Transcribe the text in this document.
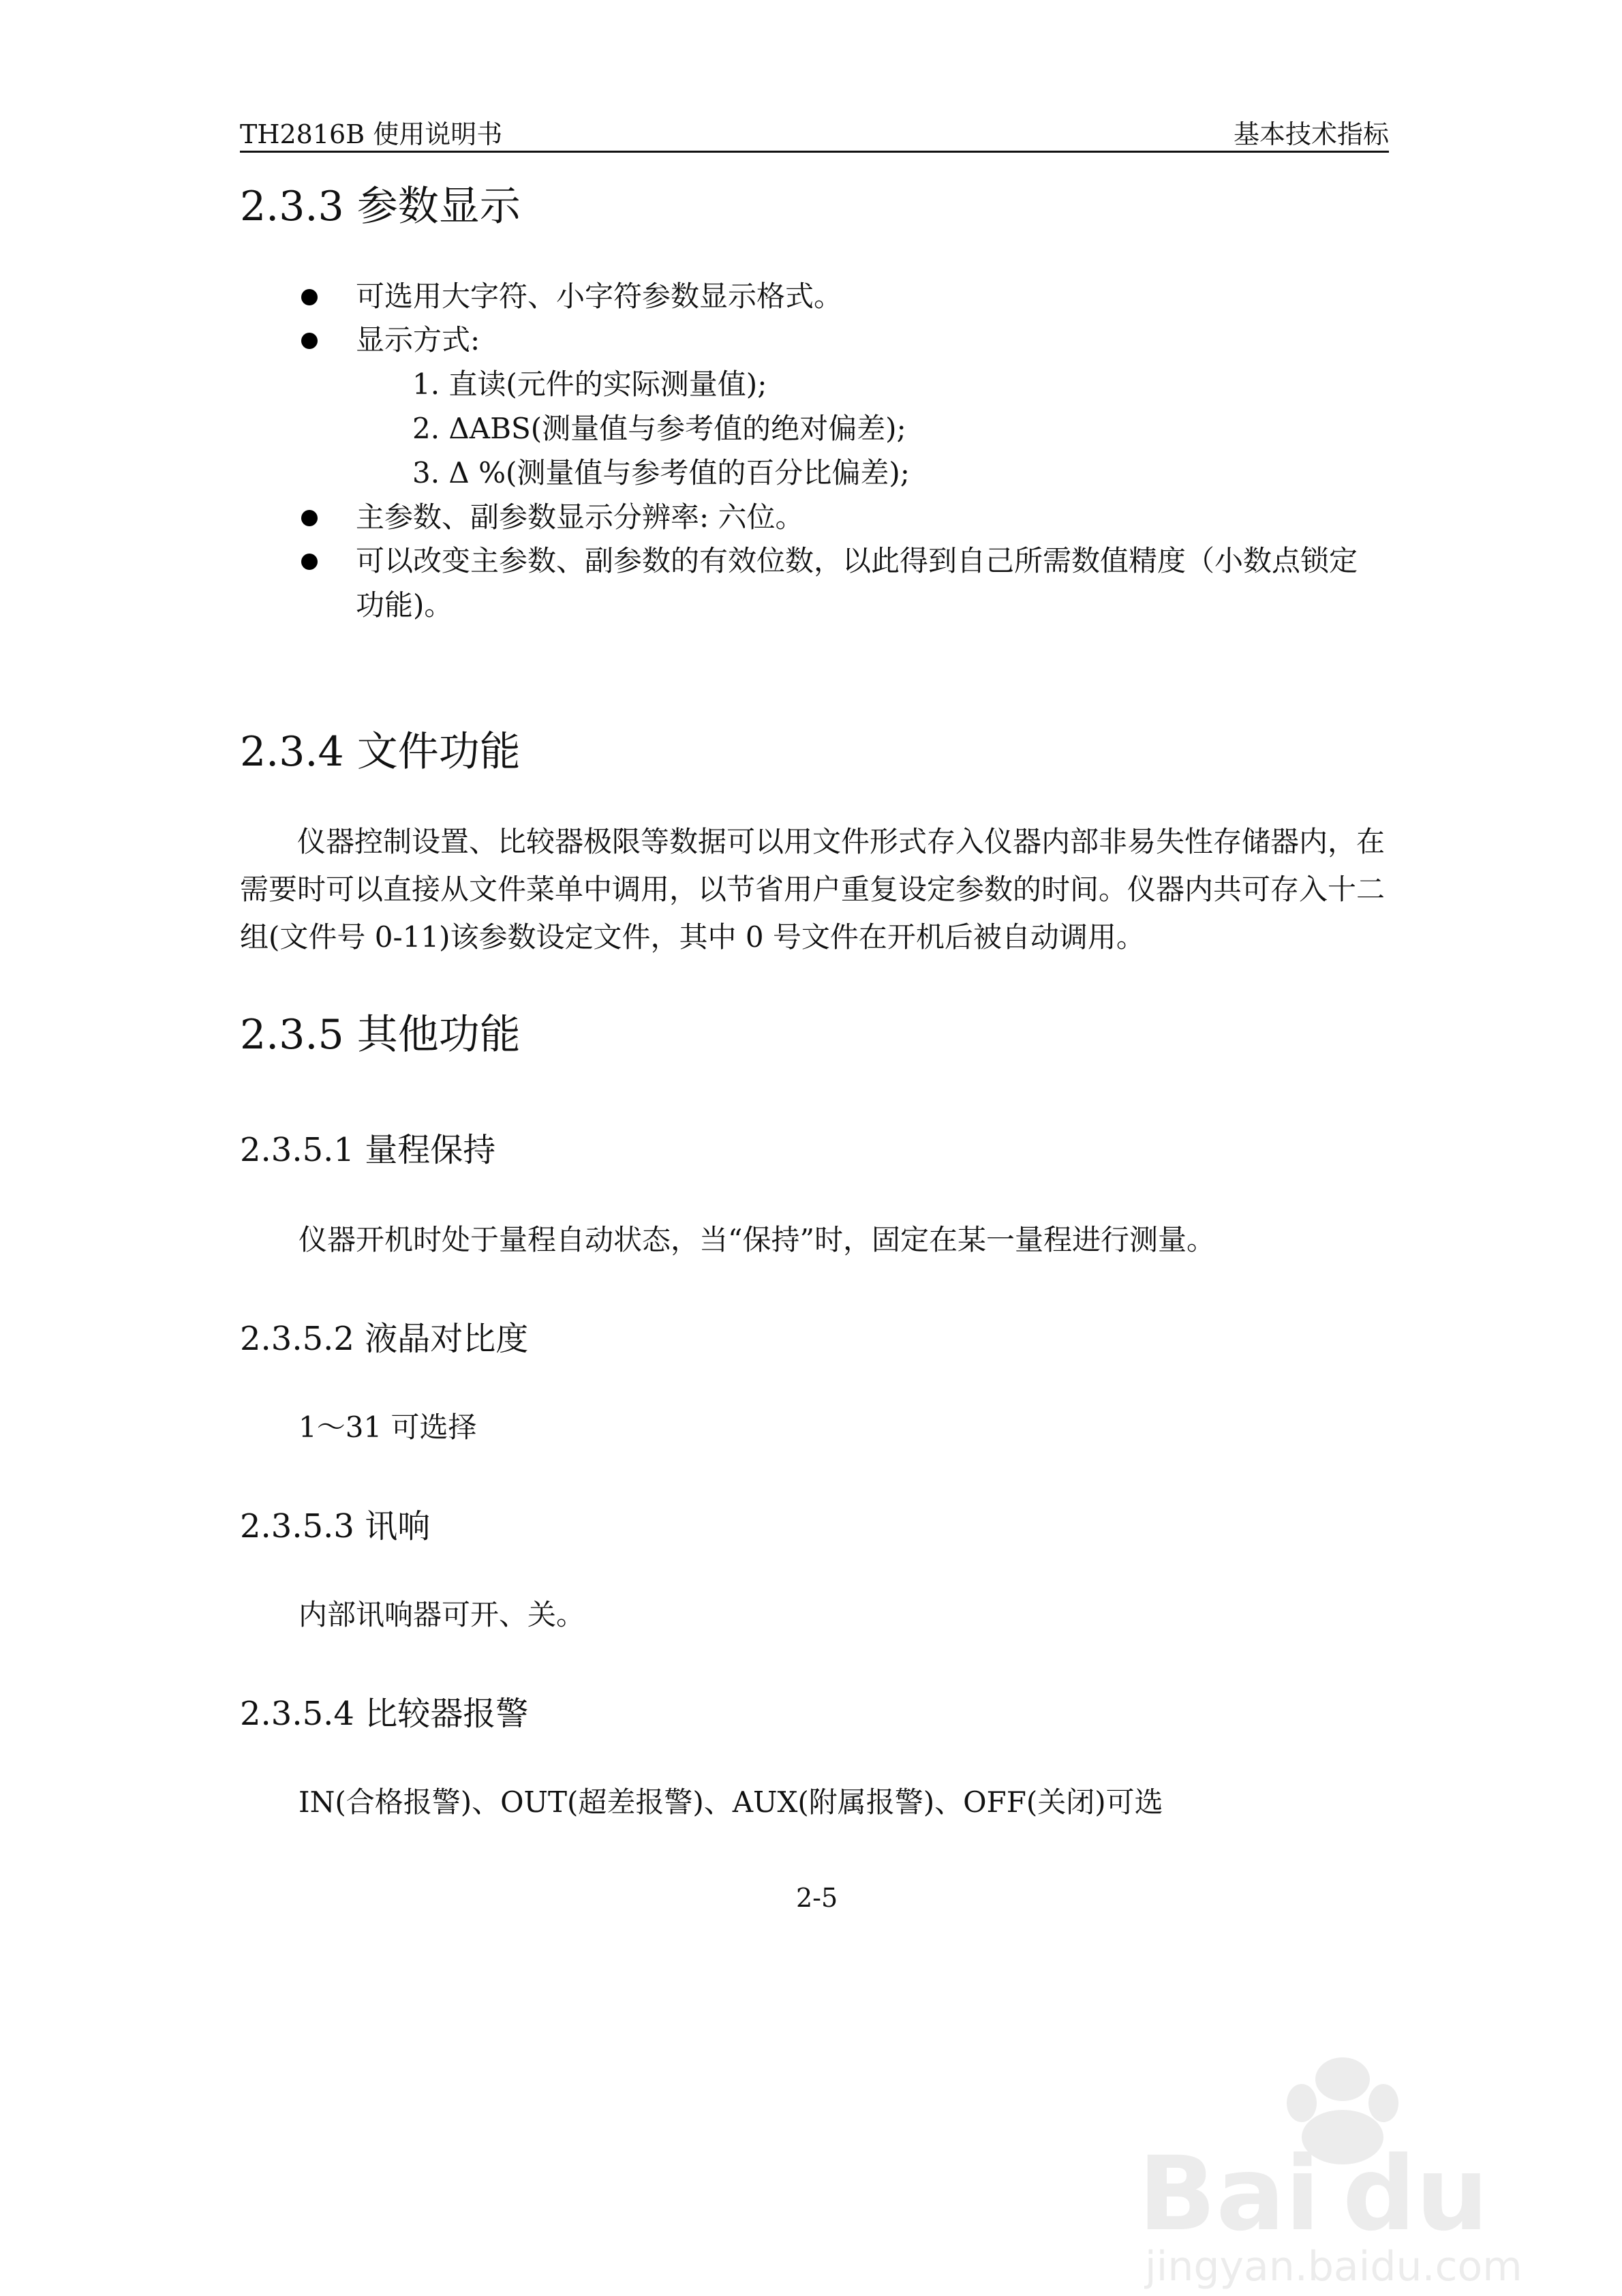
TH2816B 使用说明书	基本技术指标
2.3.3 参数显示
可选用大字符、小字符参数显示格式。
显示方式:
1. 直读(元件的实际测量值);
2. ΔABS(测量值与参考值的绝对偏差);
3. Δ %(测量值与参考值的百分比偏差);
主参数、副参数显示分辨率: 六位。
可以改变主参数、副参数的有效位数，以此得到自己所需数值精度（小数点锁定
功能)。
2.3.4 文件功能
仪器控制设置、比较器极限等数据可以用文件形式存入仪器内部非易失性存储器内，在需要时可以直接从文件菜单中调用，以节省用户重复设定参数的时间。仪器内共可存入十二组(文件号 0-11)该参数设定文件，其中 0 号文件在开机后被自动调用。
2.3.5 其他功能
2.3.5.1 量程保持
仪器开机时处于量程自动状态，当“保持”时，固定在某一量程进行测量。
2.3.5.2 液晶对比度
1～31 可选择
2.3.5.3 讯响
内部讯响器可开、关。
2.3.5.4 比较器报警
IN(合格报警)、OUT(超差报警)、AUX(附属报警)、OFF(关闭)可选
2-5
Bai du
jingyan.baidu.com
